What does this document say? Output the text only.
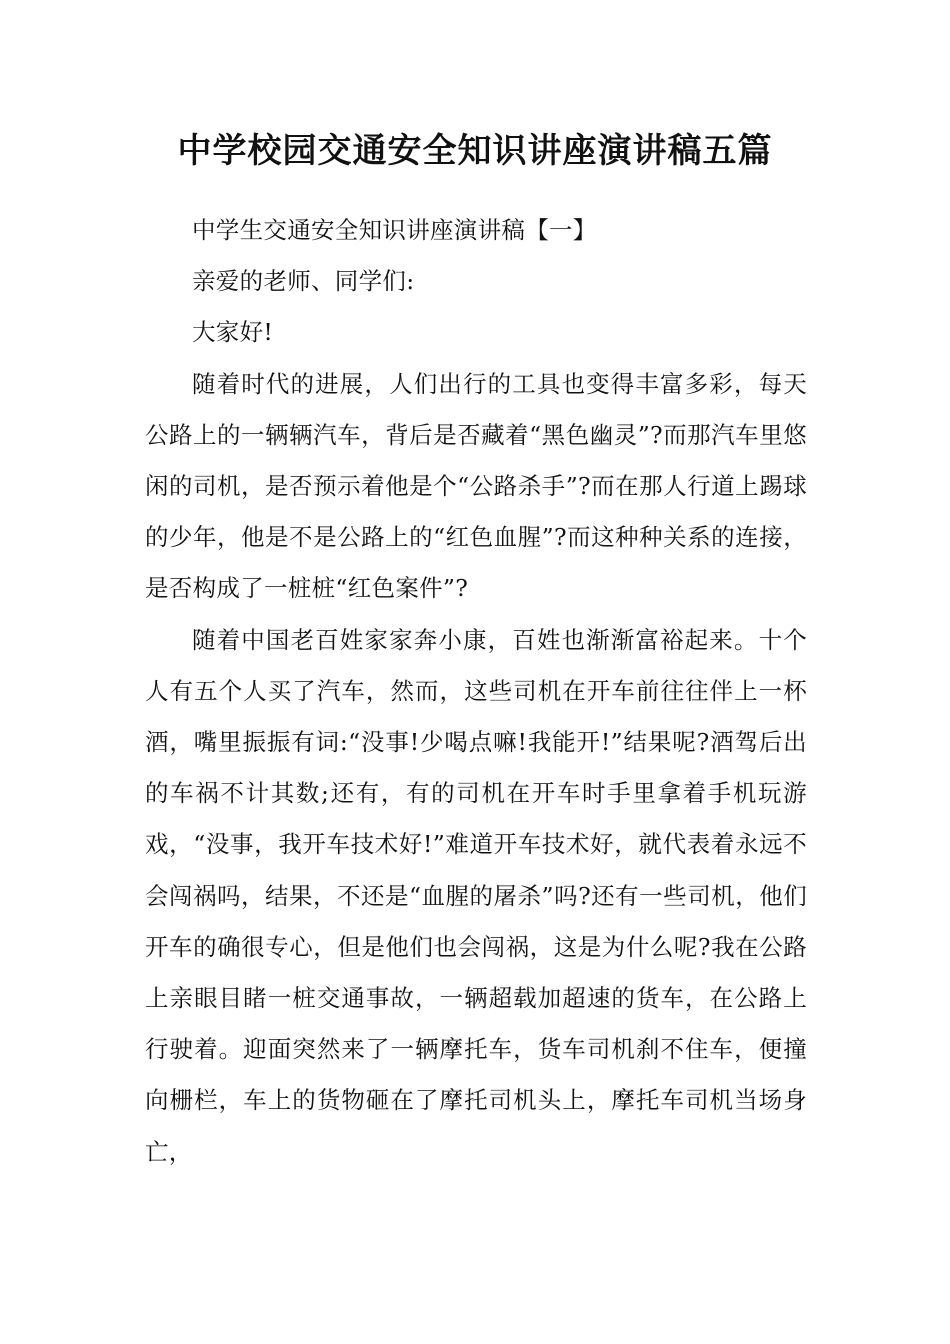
中学校园交通安全知识讲座演讲稿五篇

中学生交通安全知识讲座演讲稿【一】

亲爱的老师、同学们:

大家好!

随着时代的进展，人们出行的工具也变得丰富多彩，每天公路上的一辆辆汽车，背后是否藏着“黑色幽灵”?而那汽车里悠闲的司机，是否预示着他是个“公路杀手”?而在那人行道上踢球的少年，他是不是公路上的“红色血腥”?而这种种关系的连接，是否构成了一桩桩“红色案件”?

随着中国老百姓家家奔小康，百姓也渐渐富裕起来。十个人有五个人买了汽车，然而，这些司机在开车前往往伴上一杯酒，嘴里振振有词:“没事!少喝点嘛!我能开!”结果呢?酒驾后出的车祸不计其数;还有，有的司机在开车时手里拿着手机玩游戏，“没事，我开车技术好!”难道开车技术好，就代表着永远不会闯祸吗，结果，不还是“血腥的屠杀”吗?还有一些司机，他们开车的确很专心，但是他们也会闯祸，这是为什么呢?我在公路上亲眼目睹一桩交通事故，一辆超载加超速的货车，在公路上行驶着。迎面突然来了一辆摩托车，货车司机刹不住车，便撞向栅栏，车上的货物砸在了摩托司机头上，摩托车司机当场身亡，
